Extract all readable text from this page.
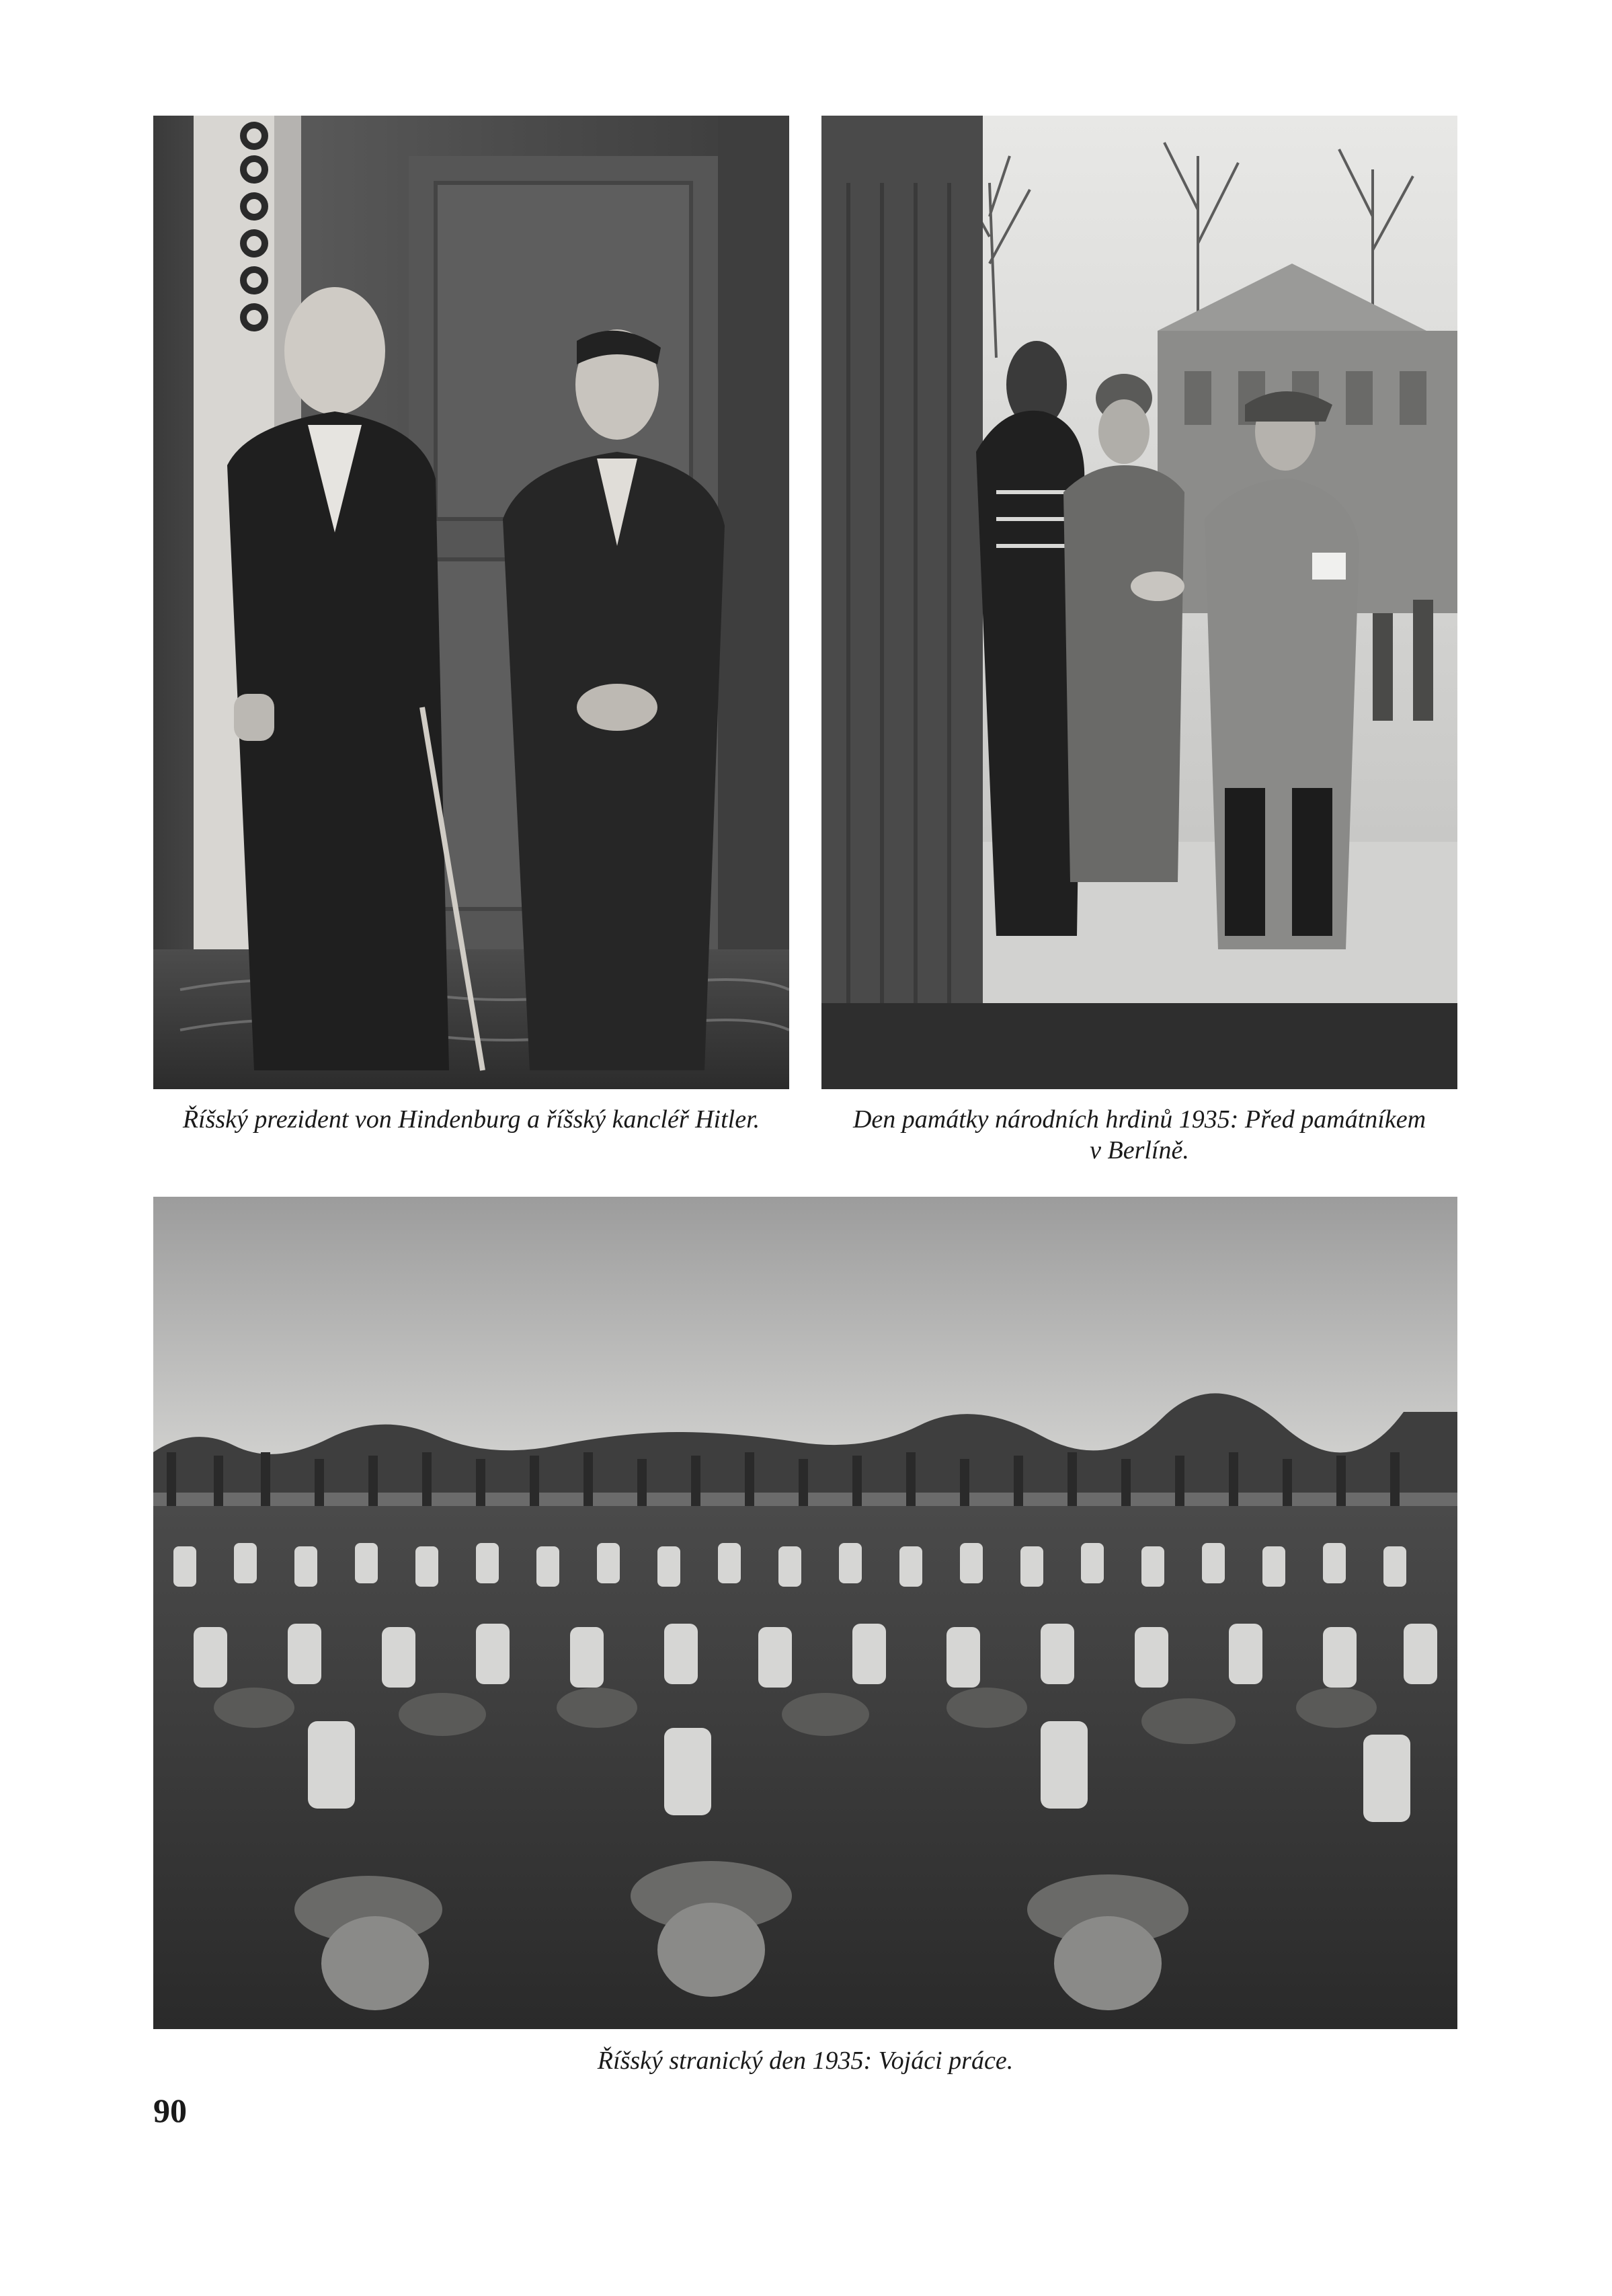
Říšský prezident von Hindenburg a říšský kancléř Hitler.	Den památky národních hrdinů 1935: Před památníkem
v Berlíně.
Říšský stranický den 1935: Vojáci práce.
90
